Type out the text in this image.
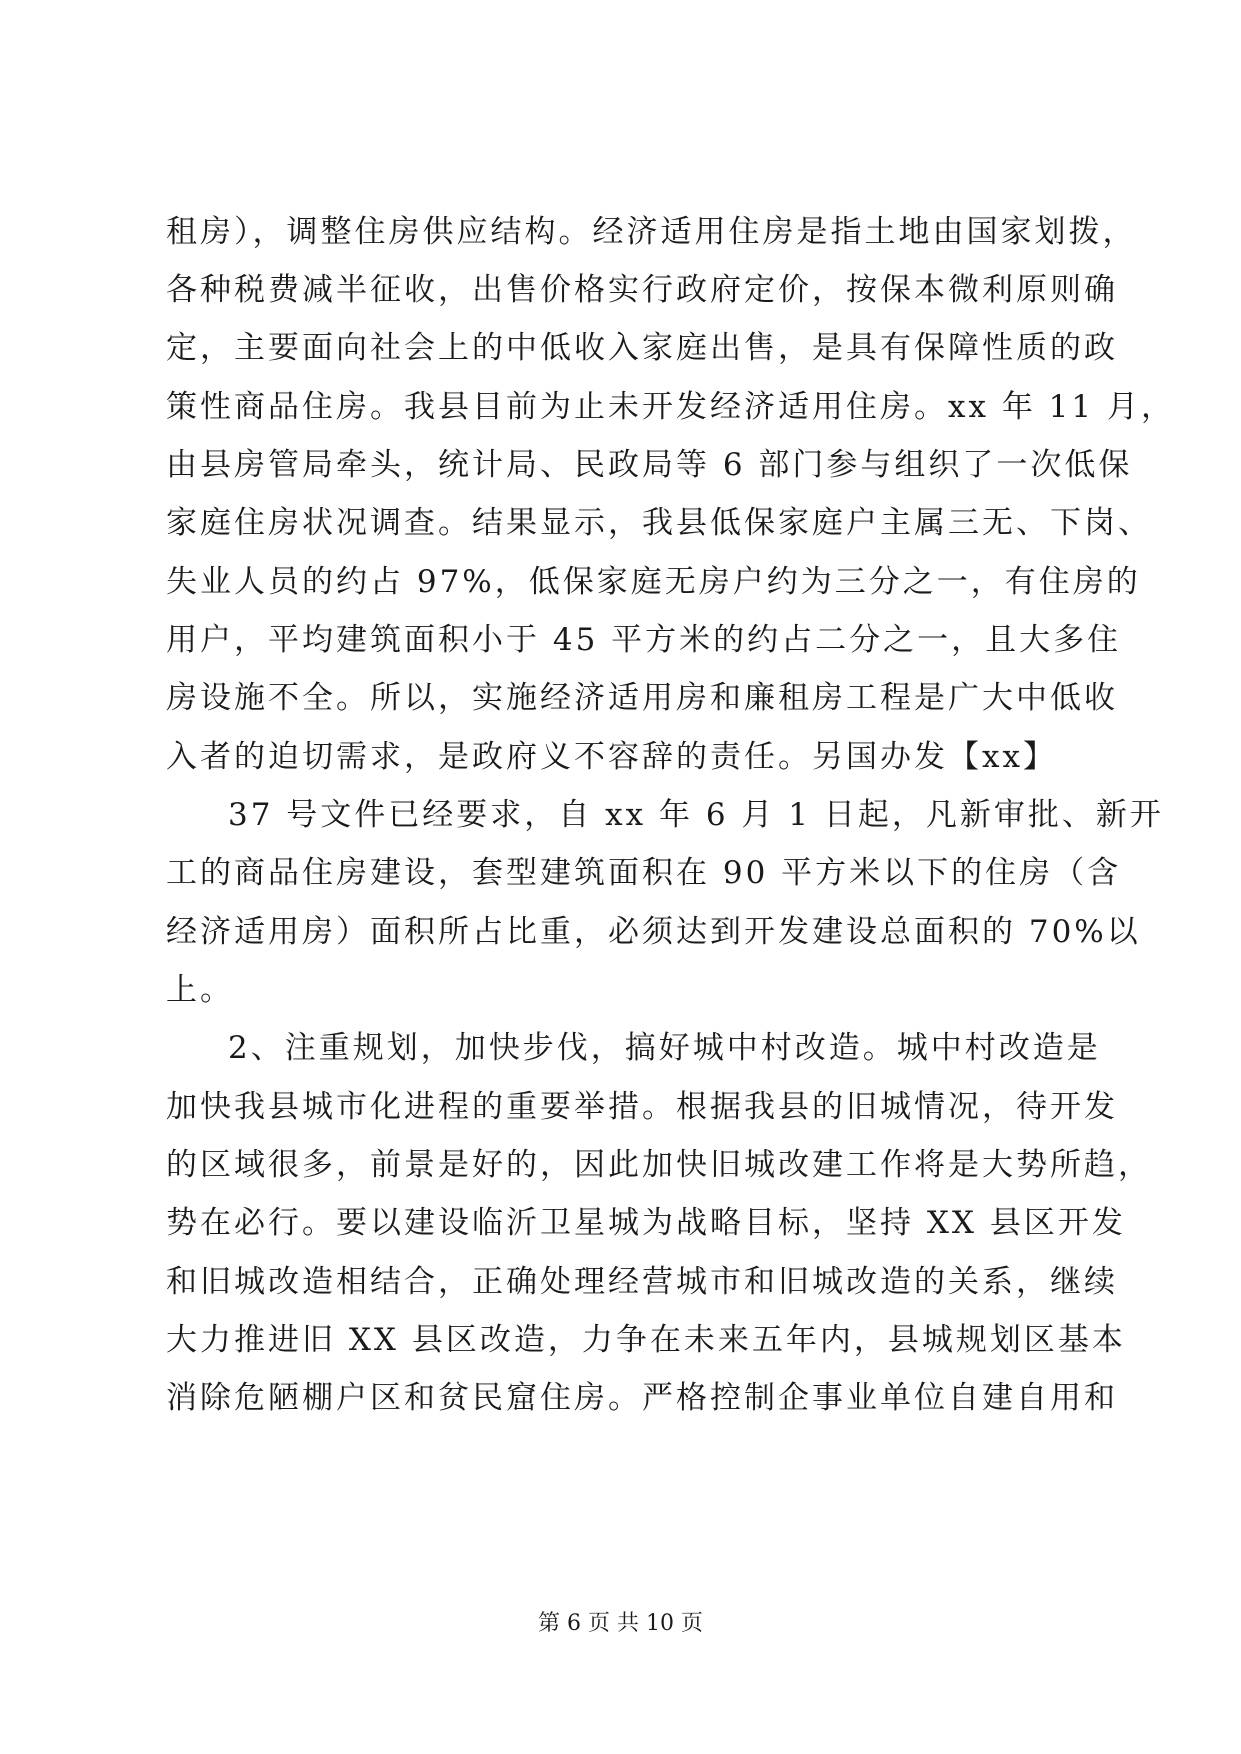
租房），调整住房供应结构。经济适用住房是指土地由国家划拨，
各种税费减半征收，出售价格实行政府定价，按保本微利原则确
定，主要面向社会上的中低收入家庭出售，是具有保障性质的政
策性商品住房。我县目前为止未开发经济适用住房。xx 年 11 月，
由县房管局牵头，统计局、民政局等 6 部门参与组织了一次低保
家庭住房状况调查。结果显示，我县低保家庭户主属三无、下岗、
失业人员的约占 97%，低保家庭无房户约为三分之一，有住房的
用户，平均建筑面积小于 45 平方米的约占二分之一，且大多住
房设施不全。所以，实施经济适用房和廉租房工程是广大中低收
入者的迫切需求，是政府义不容辞的责任。另国办发【xx】
37 号文件已经要求，自 xx 年 6 月 1 日起，凡新审批、新开
工的商品住房建设，套型建筑面积在 90 平方米以下的住房（含
经济适用房）面积所占比重，必须达到开发建设总面积的 70%以
上。
2、注重规划，加快步伐，搞好城中村改造。城中村改造是
加快我县城市化进程的重要举措。根据我县的旧城情况，待开发
的区域很多，前景是好的，因此加快旧城改建工作将是大势所趋，
势在必行。要以建设临沂卫星城为战略目标，坚持 XX 县区开发
和旧城改造相结合，正确处理经营城市和旧城改造的关系，继续
大力推进旧 XX 县区改造，力争在未来五年内，县城规划区基本
消除危陋棚户区和贫民窟住房。严格控制企事业单位自建自用和
第 6 页 共 10 页
